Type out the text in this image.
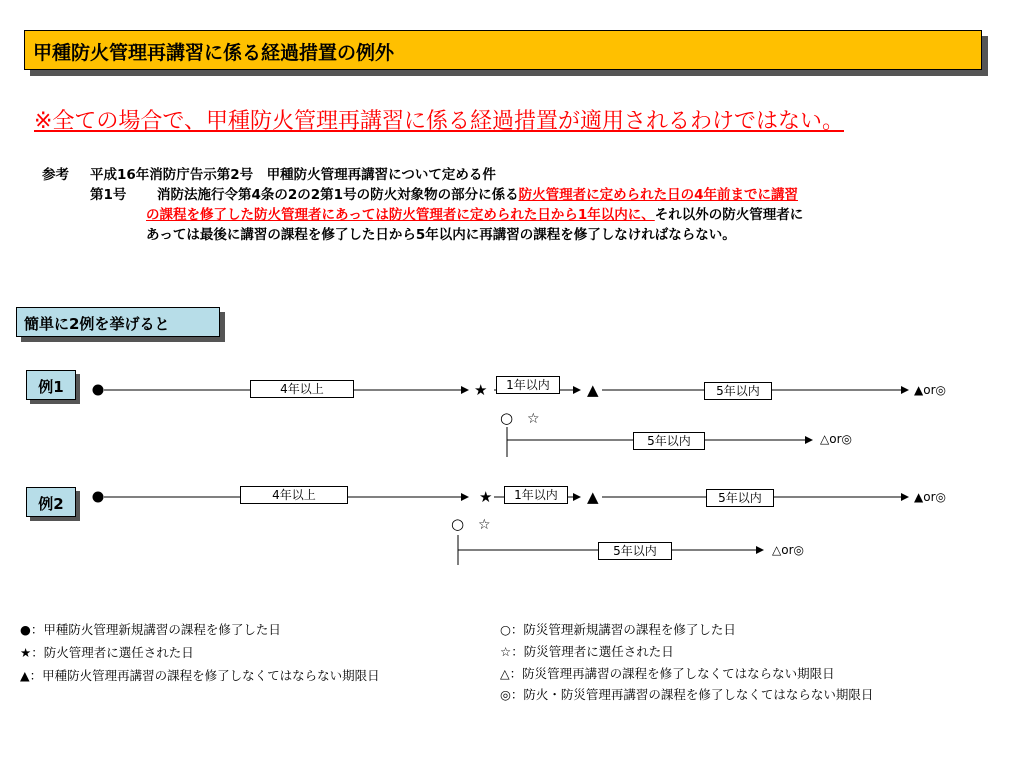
甲種防火管理再講習に係る経過措置の例外
※全ての場合で、甲種防火管理再講習に係る経過措置が適用されるわけではない。
参考 平成16年消防庁告示第2号　甲種防火管理再講習について定める件
第1号 消防法施行令第4条の2の2第1号の防火対象物の部分に係る防火管理者に定められた日の4年前までに講習
の課程を修了した防火管理者にあっては防火管理者に定められた日から1年以内に、それ以外の防火管理者に
あっては最後に講習の課程を修了した日から5年以内に再講習の課程を修了しなければならない。
簡単に2例を挙げると
例1
例2
4年以上	★	1年以内	▲	5年以内	▲or◎
○ ☆
5年以内	△or◎
4年以上	★	1年以内	▲	5年以内	▲or◎
○ ☆
5年以内	△or◎
●：甲種防火管理新規講習の課程を修了した日
★：防火管理者に選任された日
▲：甲種防火管理再講習の課程を修了しなくてはならない期限日
○：防災管理新規講習の課程を修了した日
☆：防災管理者に選任された日
△：防災管理再講習の課程を修了しなくてはならない期限日
◎：防火・防災管理再講習の課程を修了しなくてはならない期限日
